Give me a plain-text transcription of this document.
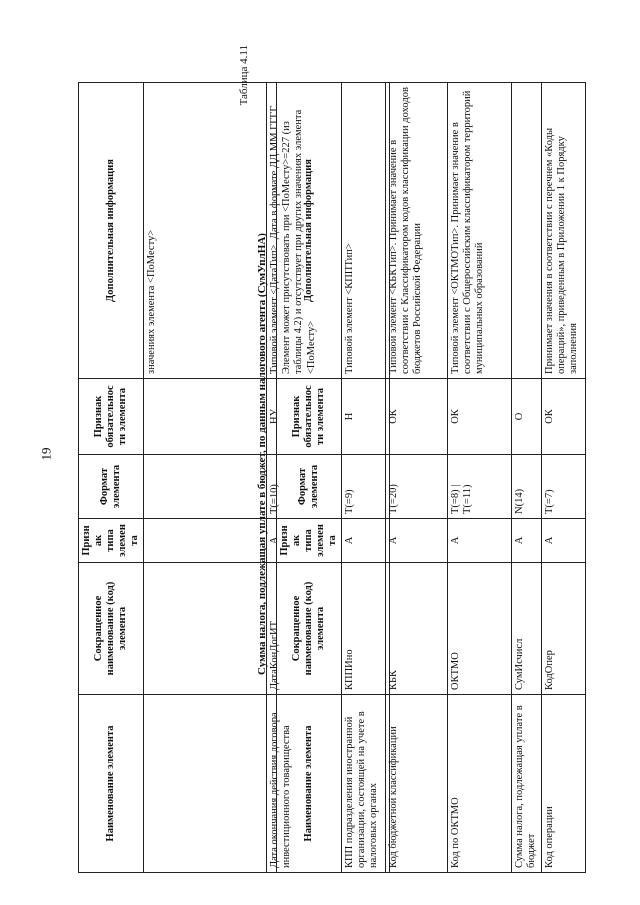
19
Наименование элемента	Сокращенное наименование (код) элемента	Признак типа элемента	Формат элемента	Признак обязательности элемента	Дополнительная информация
					значениях элемента <ПоМесту>
Дата окончания действия договора инвестиционного товарищества	ДатаКонДогИТ	А	T(=10)	НУ	Типовой элемент <ДатаТип>. Дата в формате ДД.ММ.ГГГГ. Элемент может присутствовать при <ПоМесту>=227 (из таблицы 4.2) и отсутствует при других значениях элемента <ПоМесту>
Таблица 4.11
Сумма налога, подлежащая уплате в бюджет, по данным налогового агента (СумУплНА)
Наименование элемента	Сокращенное наименование (код) элемента	Признак типа элемента	Формат элемента	Признак обязательности элемента	Дополнительная информация
КПП подразделения иностранной организации, состоящей на учете в налоговых органах	КППИно	А	T(=9)	Н	Типовой элемент <КППТип>
Код бюджетной классификации	КБК	А	T(=20)	ОК	Типовой элемент <КБКТип>. Принимает значение в соответствии с Классификатором кодов классификации доходов бюджетов Российской Федерации
Код по ОКТМО	ОКТМО	А	T(=8) | T(=11)	ОК	Типовой элемент <ОКТМОТип>. Принимает значение в соответствии с Общероссийским классификатором территорий муниципальных образований
Сумма налога, подлежащая уплате в бюджет	СумИсчисл	А	N(14)	О	
Код операции	КодОпер	А	T(=7)	ОК	Принимает значения в соответствии с перечнем «Коды операций», приведенным в Приложении 1 к Порядку заполнения
